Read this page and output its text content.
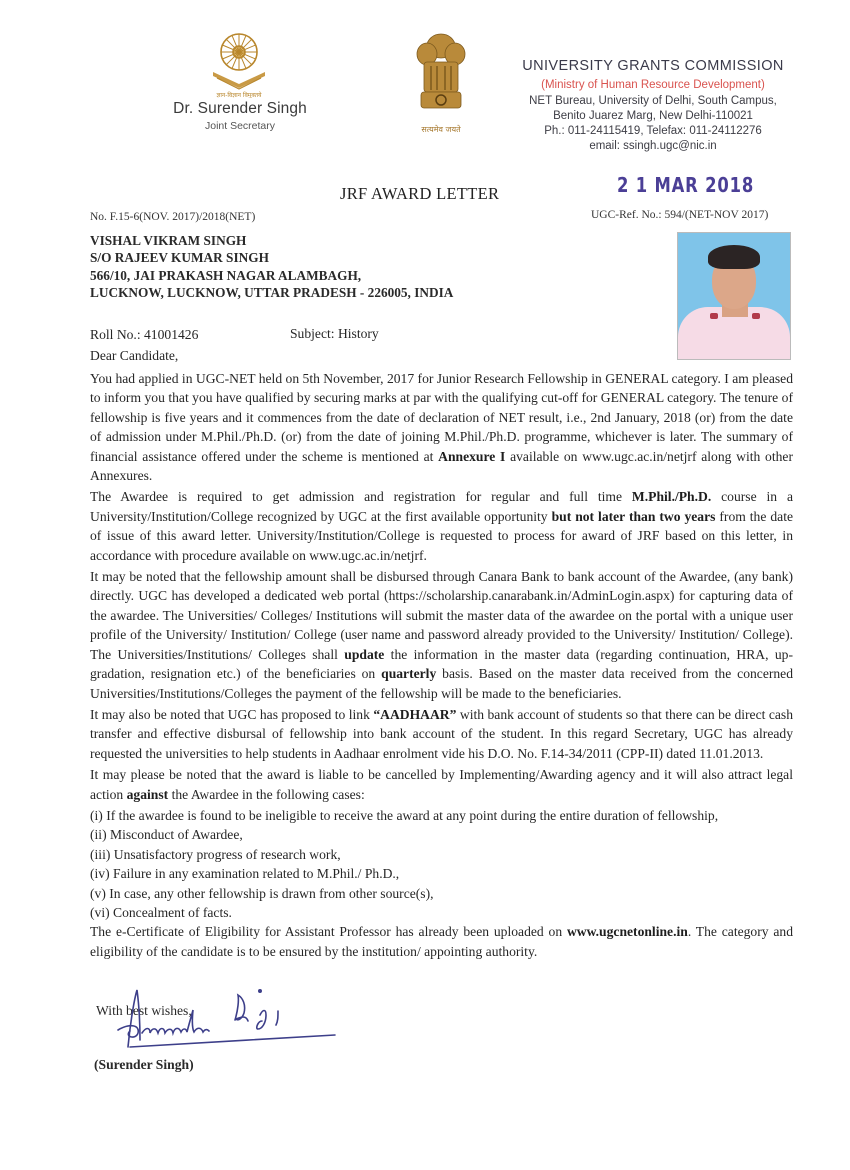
ज्ञान-विज्ञान विमुक्तये
Dr. Surender Singh
Joint Secretary	सत्यमेव जयते
UNIVERSITY GRANTS COMMISSION
(Ministry of Human Resource Development)
NET Bureau, University of Delhi, South Campus,
Benito Juarez Marg, New Delhi-110021
Ph.: 011-24115419, Telefax: 011-24112276
email: ssingh.ugc@nic.in
JRF AWARD LETTER	2 1 MAR 2018
No. F.15-6(NOV. 2017)/2018(NET)	UGC-Ref. No.: 594/(NET-NOV 2017)
VISHAL VIKRAM SINGH
S/O RAJEEV KUMAR SINGH
566/10, JAI PRAKASH NAGAR ALAMBAGH,
LUCKNOW, LUCKNOW, UTTAR PRADESH - 226005, INDIA
Roll No.: 41001426	Subject: History
Dear Candidate,

You had applied in UGC-NET held on 5th November, 2017 for Junior Research Fellowship in GENERAL category. I am pleased to inform you that you have qualified by securing marks at par with the qualifying cut-off for GENERAL category. The tenure of fellowship is five years and it commences from the date of declaration of NET result, i.e., 2nd January, 2018 (or) from the date of admission under M.Phil./Ph.D. (or) from the date of joining M.Phil./Ph.D. programme, whichever is later. The summary of financial assistance offered under the scheme is mentioned at Annexure I available on www.ugc.ac.in/netjrf along with other Annexures.

The Awardee is required to get admission and registration for regular and full time M.Phil./Ph.D. course in a University/Institution/College recognized by UGC at the first available opportunity but not later than two years from the date of issue of this award letter. University/Institution/College is requested to process for award of JRF based on this letter, in accordance with procedure available on www.ugc.ac.in/netjrf.

It may be noted that the fellowship amount shall be disbursed through Canara Bank to bank account of the Awardee, (any bank) directly. UGC has developed a dedicated web portal (https://scholarship.canarabank.in/AdminLogin.aspx) for capturing data of the awardee. The Universities/ Colleges/ Institutions will submit the master data of the awardee on the portal with a unique user profile of the University/ Institution/ College (user name and password already provided to the University/ Institution/ College). The Universities/Institutions/ Colleges shall update the information in the master data (regarding continuation, HRA, up-gradation, resignation etc.) of the beneficiaries on quarterly basis. Based on the master data received from the concerned Universities/Institutions/Colleges the payment of the fellowship will be made to the beneficiaries.

It may also be noted that UGC has proposed to link “AADHAAR” with bank account of students so that there can be direct cash transfer and effective disbursal of fellowship into bank account of the student. In this regard Secretary, UGC has already requested the universities to help students in Aadhaar enrolment vide his D.O. No. F.14-34/2011 (CPP-II) dated 11.01.2013.

It may please be noted that the award is liable to be cancelled by Implementing/Awarding agency and it will also attract legal action against the Awardee in the following cases:

(i) If the awardee is found to be ineligible to receive the award at any point during the entire duration of fellowship,
(ii) Misconduct of Awardee,
(iii) Unsatisfactory progress of research work,
(iv) Failure in any examination related to M.Phil./ Ph.D.,
(v) In case, any other fellowship is drawn from other source(s),
(vi) Concealment of facts.

The e-Certificate of Eligibility for Assistant Professor has already been uploaded on www.ugcnetonline.in. The category and eligibility of the candidate is to be ensured by the institution/ appointing authority.

With best wishes,
(Surender Singh)
